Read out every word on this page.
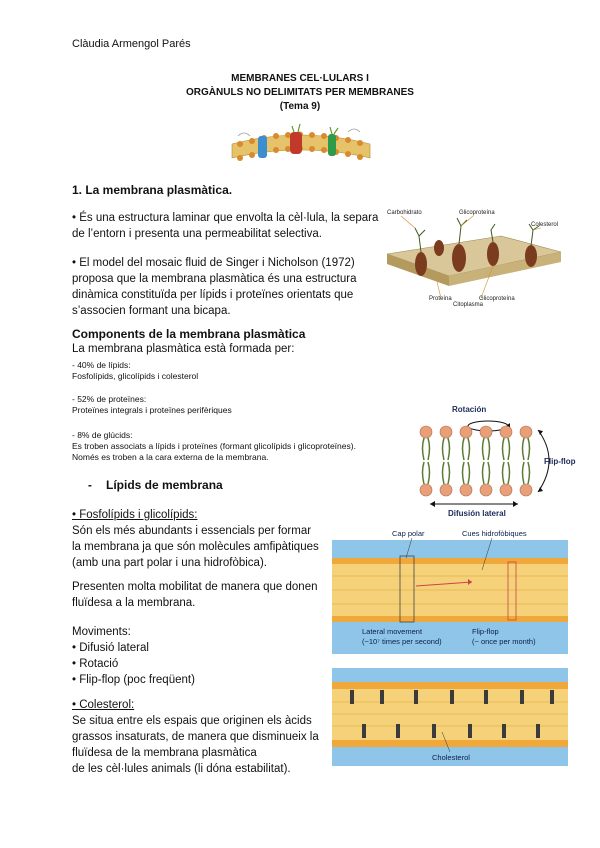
Clàudia Armengol Parés
MEMBRANES CEL·LULARS I
ORGÀNULS NO DELIMITATS PER MEMBRANES
(Tema 9)
1. La membrana plasmàtica.
• És una estructura laminar que envolta la cèl·lula, la separa
de l’entorn i presenta una permeabilitat selectiva.
• El model del mosaic fluid de Singer i Nicholson (1972)
proposa que la membrana plasmàtica és una estructura
dinàmica constituïda per lípids i proteïnes orientats que
s’associen formant una bicapa.
Carbohidrato	Glicoproteína
Colesterol
Proteína	Glicoproteína
Citoplasma
Components de la membrana plasmàtica
La membrana plasmàtica està formada per:
- 40% de lípids:
Fosfolípids, glicolípids i colesterol
- 52% de proteïnes:
Proteïnes integrals i proteïnes perifèriques
- 8% de glúcids:
Es troben associats a lípids i proteïnes (formant glicolípids i glicoproteïnes).
Només es troben a la cara externa de la membrana.
Rotación
Flip-flop
Difusión lateral
- Lípids de membrana
• Fosfolípids i glicolípids:
Són els més abundants i essencials per formar
la membrana ja que són molècules amfipàtiques
(amb una part polar i una hidrofòbica).
Presenten molta mobilitat de manera que donen
fluïdesa a la membrana.
Moviments:
• Difusió lateral
• Rotació
• Flip-flop (poc freqüent)
• Colesterol:
Se situa entre els espais que originen els àcids
grassos insaturats, de manera que disminueix la
fluïdesa de la membrana plasmàtica
de les cèl·lules animals (li dóna estabilitat).
Cap polar	Cues hidrofòbiques
Lateral movement
(~10⁷ times per second)
Flip-flop
(~ once per month)
Cholesterol
